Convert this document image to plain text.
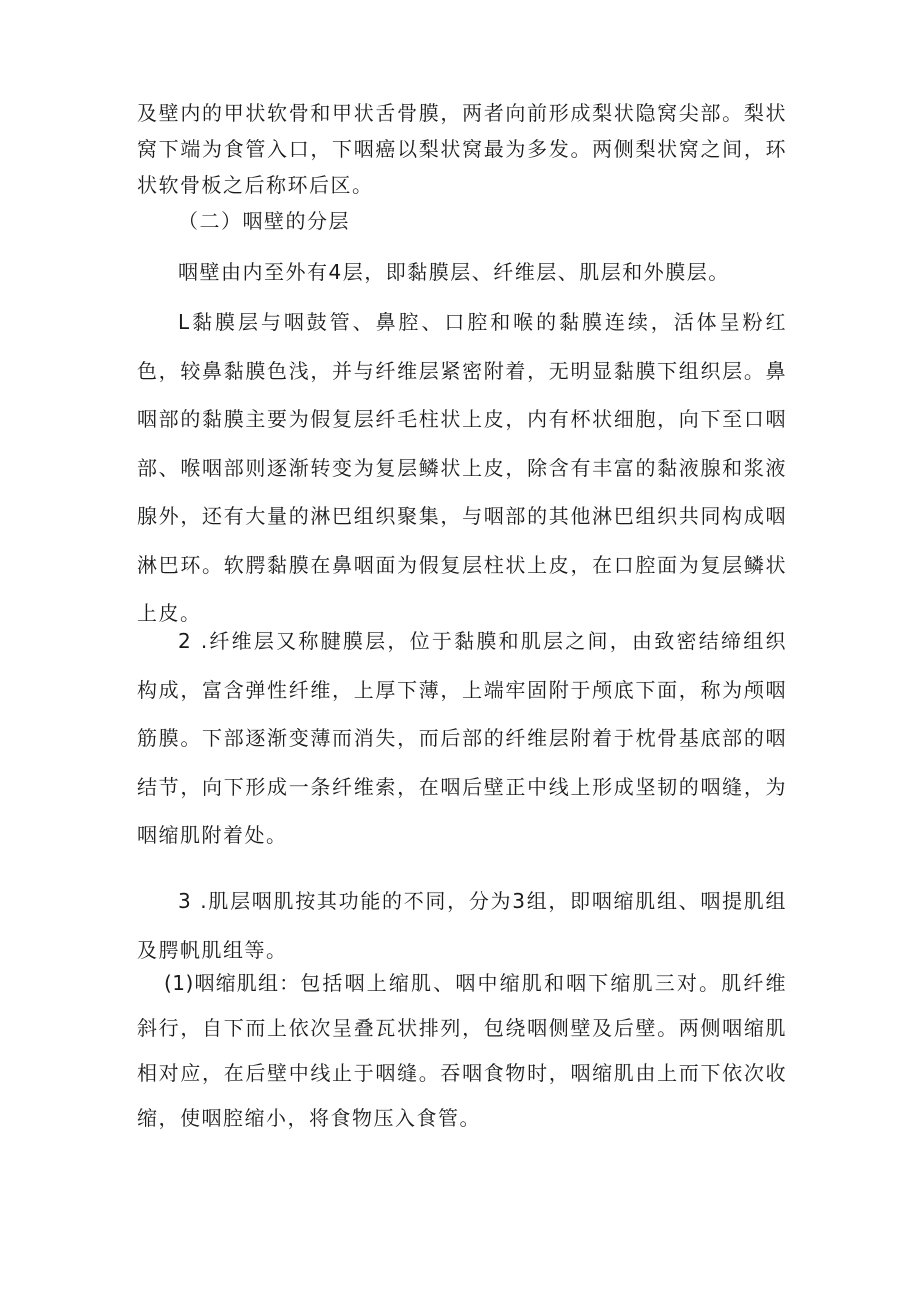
及壁内的甲状软骨和甲状舌骨膜，两者向前形成梨状隐窝尖部。梨状窝下端为食管入口，下咽癌以梨状窝最为多发。两侧梨状窝之间，环状软骨板之后称环后区。

（二）咽壁的分层

咽壁由内至外有4层，即黏膜层、纤维层、肌层和外膜层。

L黏膜层与咽鼓管、鼻腔、口腔和喉的黏膜连续，活体呈粉红色，较鼻黏膜色浅，并与纤维层紧密附着，无明显黏膜下组织层。鼻咽部的黏膜主要为假复层纤毛柱状上皮，内有杯状细胞，向下至口咽部、喉咽部则逐渐转变为复层鳞状上皮，除含有丰富的黏液腺和浆液腺外，还有大量的淋巴组织聚集，与咽部的其他淋巴组织共同构成咽淋巴环。软腭黏膜在鼻咽面为假复层柱状上皮，在口腔面为复层鳞状上皮。

2 .纤维层又称腱膜层，位于黏膜和肌层之间，由致密结缔组织构成，富含弹性纤维，上厚下薄，上端牢固附于颅底下面，称为颅咽筋膜。下部逐渐变薄而消失，而后部的纤维层附着于枕骨基底部的咽结节，向下形成一条纤维索，在咽后壁正中线上形成坚韧的咽缝，为咽缩肌附着处。

3 .肌层咽肌按其功能的不同，分为3组，即咽缩肌组、咽提肌组及腭帆肌组等。

(1)咽缩肌组：包括咽上缩肌、咽中缩肌和咽下缩肌三对。肌纤维斜行，自下而上依次呈叠瓦状排列，包绕咽侧壁及后壁。两侧咽缩肌相对应，在后壁中线止于咽缝。吞咽食物时，咽缩肌由上而下依次收缩，使咽腔缩小，将食物压入食管。
